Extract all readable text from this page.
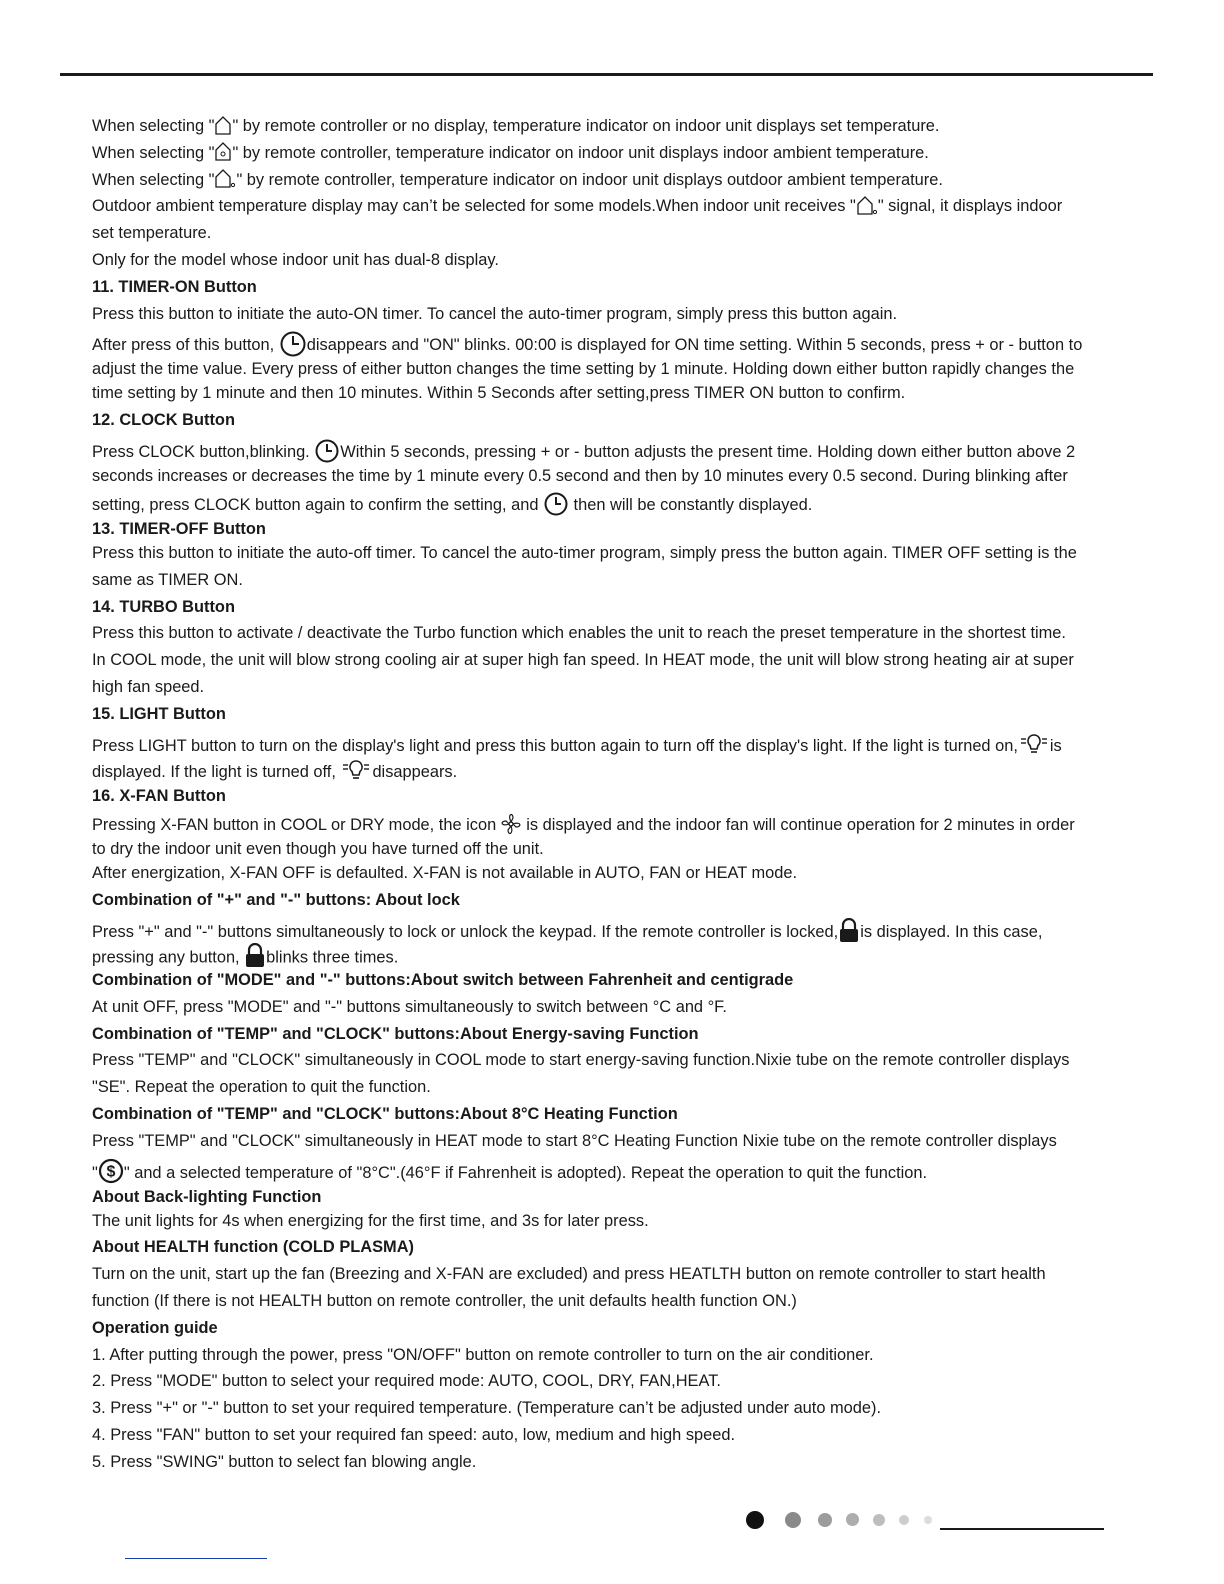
When selecting " " by remote controller or no display, temperature indicator on indoor unit displays set temperature.
When selecting " " by remote controller, temperature indicator on indoor unit displays indoor ambient temperature.
When selecting " " by remote controller, temperature indicator on indoor unit displays outdoor ambient temperature.
Outdoor ambient temperature display may can’t be selected for some models.When indoor unit receives " " signal, it displays indoor
set temperature.
Only for the model whose indoor unit has dual-8 display.
11. TIMER-ON Button
Press this button to initiate the auto-ON timer. To cancel the auto-timer program, simply press this button again.
After press of this button,
disappears and "ON" blinks. 00:00 is displayed for ON time setting. Within 5 seconds, press + or - button to
adjust the time value. Every press of either button changes the time setting by 1 minute. Holding down either button rapidly changes the
time setting by 1 minute and then 10 minutes. Within 5 Seconds after setting,press TIMER ON button to confirm.
12. CLOCK Button
Press CLOCK button,blinking.
Within 5 seconds, pressing + or - button adjusts the present time. Holding down either button above 2
seconds increases or decreases the time by 1 minute every 0.5 second and then by 10 minutes every 0.5 second. During blinking after
setting, press CLOCK button again to confirm the setting, and
then will be constantly displayed.
13. TIMER-OFF Button
Press this button to initiate the auto-off timer. To cancel the auto-timer program, simply press the button again. TIMER OFF setting is the
same as TIMER ON.
14. TURBO Button
Press this button to activate / deactivate the Turbo function which enables the unit to reach the preset temperature in the shortest time.
In COOL mode, the unit will blow strong cooling air at super high fan speed. In HEAT mode, the unit will blow strong heating air at super
high fan speed.
15. LIGHT Button
Press LIGHT button to turn on the display's light and press this button again to turn off the display's light. If the light is turned on, is
displayed. If the light is turned off,
disappears.
16. X-FAN Button
Pressing X-FAN button in COOL or DRY mode, the icon is displayed and the indoor fan will continue operation for 2 minutes in order
to dry the indoor unit even though you have turned off the unit.
After energization, X-FAN OFF is defaulted. X-FAN is not available in AUTO, FAN or HEAT mode.
Combination of "+" and "-" buttons: About lock
Press "+" and "-" buttons simultaneously to lock or unlock the keypad. If the remote controller is locked, is displayed. In this case,
pressing any button,
blinks three times.
Combination of "MODE" and "-" buttons:About switch between Fahrenheit and centigrade
At unit OFF, press "MODE" and "-" buttons simultaneously to switch between °C and °F.
Combination of "TEMP" and "CLOCK" buttons:About Energy-saving Function
Press "TEMP" and "CLOCK" simultaneously in COOL mode to start energy-saving function.Nixie tube on the remote controller displays
"SE". Repeat the operation to quit the function.
Combination of "TEMP" and "CLOCK" buttons:About 8°C Heating Function
Press "TEMP" and "CLOCK" simultaneously in HEAT mode to start 8°C Heating Function Nixie tube on the remote controller displays
" $ " and a selected temperature of "8°C".(46°F if Fahrenheit is adopted). Repeat the operation to quit the function.
About Back-lighting Function
The unit lights for 4s when energizing for the first time, and 3s for later press.
About HEALTH function (COLD PLASMA)
Turn on the unit, start up the fan (Breezing and X-FAN are excluded) and press HEATLTH button on remote controller to start health
function (If there is not HEALTH button on remote controller, the unit defaults health function ON.)
Operation guide
1. After putting through the power, press "ON/OFF" button on remote controller to turn on the air conditioner.
2. Press "MODE" button to select your required mode: AUTO, COOL, DRY, FAN,HEAT.
3. Press "+" or "-" button to set your required temperature. (Temperature can’t be adjusted under auto mode).
4. Press "FAN" button to set your required fan speed: auto, low, medium and high speed.
5. Press "SWING" button to select fan blowing angle.
